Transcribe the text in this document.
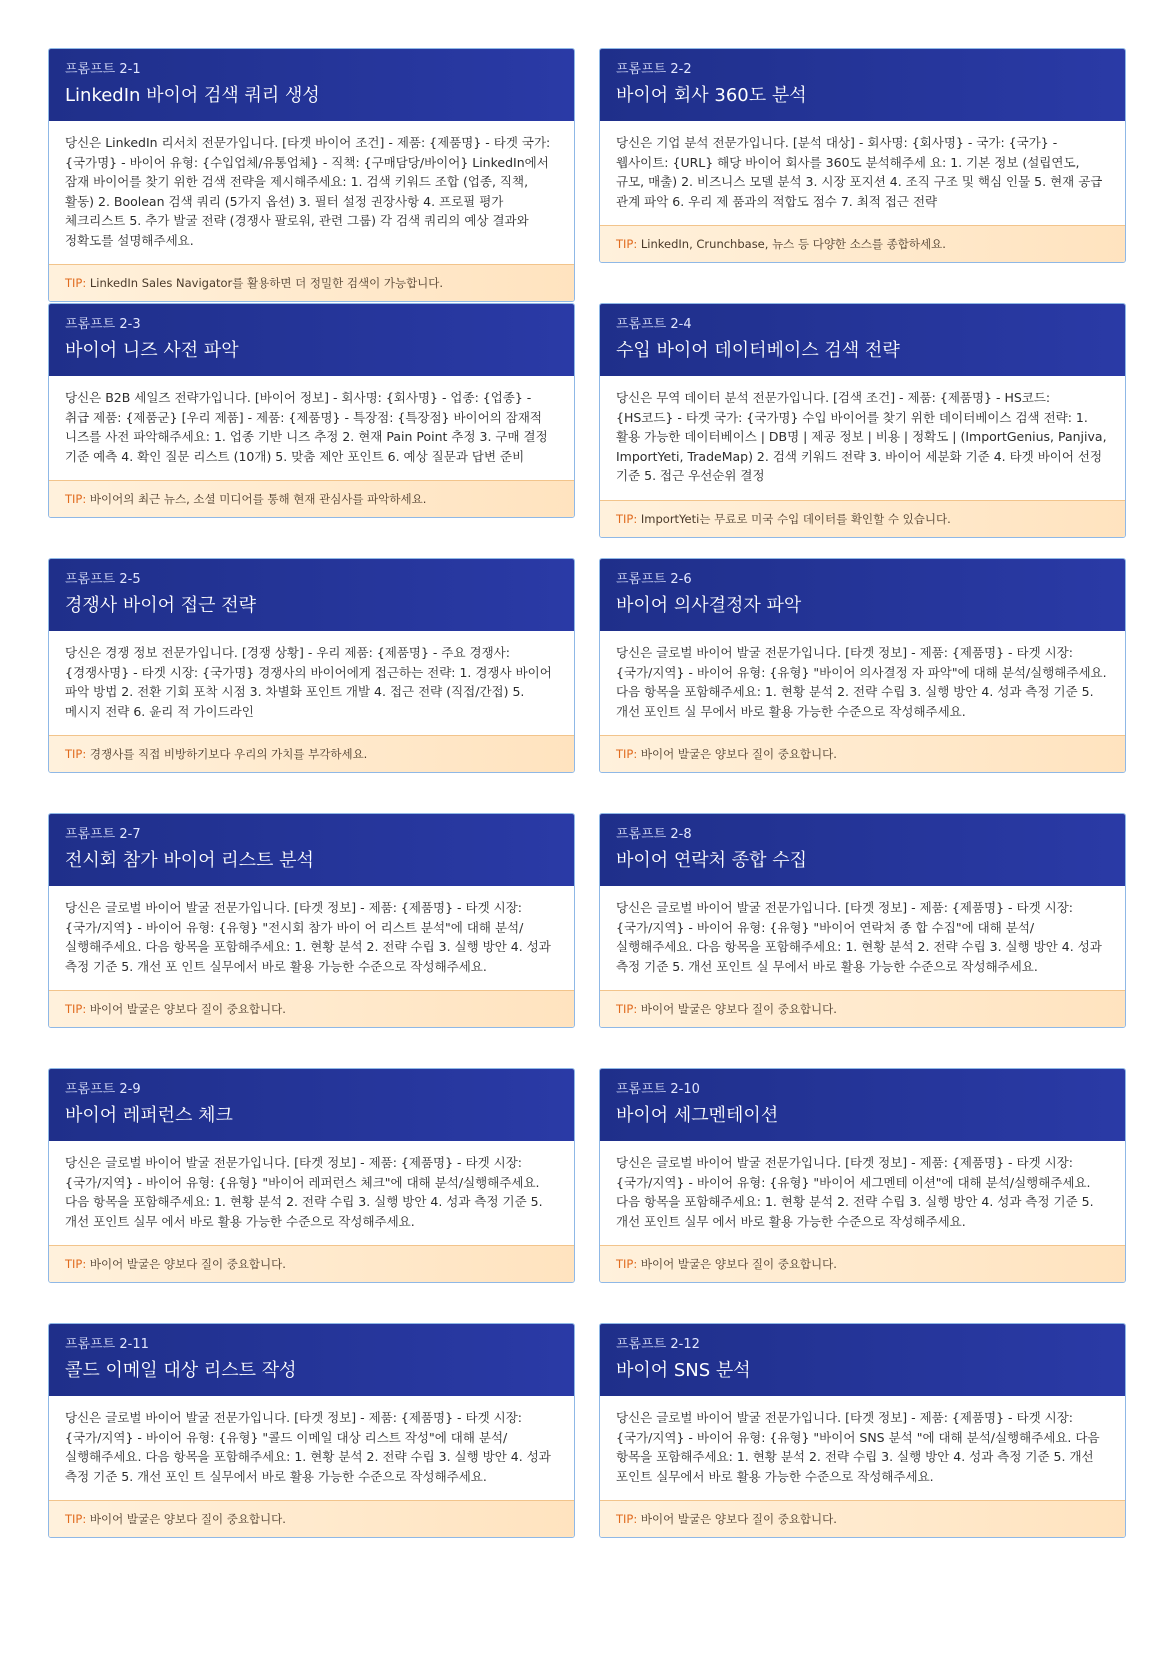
프롬프트 2-1
LinkedIn 바이어 검색 쿼리 생성
당신은 LinkedIn 리서치 전문가입니다. [타겟 바이어 조건] - 제품: {제품명} - 타겟 국가: {국가명} - 바이어 유형: {수입업체/유통업체} - 직책: {구매담당/바이어} LinkedIn에서 잠재 바이어를 찾기 위한 검색 전략을 제시해주세요: 1. 검색 키워드 조합 (업종, 직책, 활동) 2. Boolean 검색 쿼리 (5가지 옵션) 3. 필터 설정 권장사항 4. 프로필 평가 체크리스트 5. 추가 발굴 전략 (경쟁사 팔로워, 관련 그룹) 각 검색 쿼리의 예상 결과와 정확도를 설명해주세요.
TIP: LinkedIn Sales Navigator를 활용하면 더 정밀한 검색이 가능합니다.
프롬프트 2-2
바이어 회사 360도 분석
당신은 기업 분석 전문가입니다. [분석 대상] - 회사명: {회사명} - 국가: {국가} - 웹사이트: {URL} 해당 바이어 회사를 360도 분석해주세 요: 1. 기본 정보 (설립연도, 규모, 매출) 2. 비즈니스 모델 분석 3. 시장 포지션 4. 조직 구조 및 핵심 인물 5. 현재 공급 관계 파악 6. 우리 제 품과의 적합도 점수 7. 최적 접근 전략
TIP: LinkedIn, Crunchbase, 뉴스 등 다양한 소스를 종합하세요.
프롬프트 2-3
바이어 니즈 사전 파악
당신은 B2B 세일즈 전략가입니다. [바이어 정보] - 회사명: {회사명} - 업종: {업종} - 취급 제품: {제품군} [우리 제품] - 제품: {제품명} - 특장점: {특장점} 바이어의 잠재적 니즈를 사전 파악해주세요: 1. 업종 기반 니즈 추정 2. 현재 Pain Point 추정 3. 구매 결정 기준 예측 4. 확인 질문 리스트 (10개) 5. 맞춤 제안 포인트 6. 예상 질문과 답변 준비
TIP: 바이어의 최근 뉴스, 소셜 미디어를 통해 현재 관심사를 파악하세요.
프롬프트 2-4
수입 바이어 데이터베이스 검색 전략
당신은 무역 데이터 분석 전문가입니다. [검색 조건] - 제품: {제품명} - HS코드: {HS코드} - 타겟 국가: {국가명} 수입 바이어를 찾기 위한 데이터베이스 검색 전략: 1. 활용 가능한 데이터베이스 | DB명 | 제공 정보 | 비용 | 정확도 | (ImportGenius, Panjiva, ImportYeti, TradeMap) 2. 검색 키워드 전략 3. 바이어 세분화 기준 4. 타겟 바이어 선정 기준 5. 접근 우선순위 결정
TIP: ImportYeti는 무료로 미국 수입 데이터를 확인할 수 있습니다.
프롬프트 2-5
경쟁사 바이어 접근 전략
당신은 경쟁 정보 전문가입니다. [경쟁 상황] - 우리 제품: {제품명} - 주요 경쟁사: {경쟁사명} - 타겟 시장: {국가명} 경쟁사의 바이어에게 접근하는 전략: 1. 경쟁사 바이어 파악 방법 2. 전환 기회 포착 시점 3. 차별화 포인트 개발 4. 접근 전략 (직접/간접) 5. 메시지 전략 6. 윤리 적 가이드라인
TIP: 경쟁사를 직접 비방하기보다 우리의 가치를 부각하세요.
프롬프트 2-6
바이어 의사결정자 파악
당신은 글로벌 바이어 발굴 전문가입니다. [타겟 정보] - 제품: {제품명} - 타겟 시장: {국가/지역} - 바이어 유형: {유형} "바이어 의사결정 자 파악"에 대해 분석/실행해주세요. 다음 항목을 포함해주세요: 1. 현황 분석 2. 전략 수립 3. 실행 방안 4. 성과 측정 기준 5. 개선 포인트 실 무에서 바로 활용 가능한 수준으로 작성해주세요.
TIP: 바이어 발굴은 양보다 질이 중요합니다.
프롬프트 2-7
전시회 참가 바이어 리스트 분석
당신은 글로벌 바이어 발굴 전문가입니다. [타겟 정보] - 제품: {제품명} - 타겟 시장: {국가/지역} - 바이어 유형: {유형} "전시회 참가 바이 어 리스트 분석"에 대해 분석/실행해주세요. 다음 항목을 포함해주세요: 1. 현황 분석 2. 전략 수립 3. 실행 방안 4. 성과 측정 기준 5. 개선 포 인트 실무에서 바로 활용 가능한 수준으로 작성해주세요.
TIP: 바이어 발굴은 양보다 질이 중요합니다.
프롬프트 2-8
바이어 연락처 종합 수집
당신은 글로벌 바이어 발굴 전문가입니다. [타겟 정보] - 제품: {제품명} - 타겟 시장: {국가/지역} - 바이어 유형: {유형} "바이어 연락처 종 합 수집"에 대해 분석/실행해주세요. 다음 항목을 포함해주세요: 1. 현황 분석 2. 전략 수립 3. 실행 방안 4. 성과 측정 기준 5. 개선 포인트 실 무에서 바로 활용 가능한 수준으로 작성해주세요.
TIP: 바이어 발굴은 양보다 질이 중요합니다.
프롬프트 2-9
바이어 레퍼런스 체크
당신은 글로벌 바이어 발굴 전문가입니다. [타겟 정보] - 제품: {제품명} - 타겟 시장: {국가/지역} - 바이어 유형: {유형} "바이어 레퍼런스 체크"에 대해 분석/실행해주세요. 다음 항목을 포함해주세요: 1. 현황 분석 2. 전략 수립 3. 실행 방안 4. 성과 측정 기준 5. 개선 포인트 실무 에서 바로 활용 가능한 수준으로 작성해주세요.
TIP: 바이어 발굴은 양보다 질이 중요합니다.
프롬프트 2-10
바이어 세그멘테이션
당신은 글로벌 바이어 발굴 전문가입니다. [타겟 정보] - 제품: {제품명} - 타겟 시장: {국가/지역} - 바이어 유형: {유형} "바이어 세그멘테 이션"에 대해 분석/실행해주세요. 다음 항목을 포함해주세요: 1. 현황 분석 2. 전략 수립 3. 실행 방안 4. 성과 측정 기준 5. 개선 포인트 실무 에서 바로 활용 가능한 수준으로 작성해주세요.
TIP: 바이어 발굴은 양보다 질이 중요합니다.
프롬프트 2-11
콜드 이메일 대상 리스트 작성
당신은 글로벌 바이어 발굴 전문가입니다. [타겟 정보] - 제품: {제품명} - 타겟 시장: {국가/지역} - 바이어 유형: {유형} "콜드 이메일 대상 리스트 작성"에 대해 분석/실행해주세요. 다음 항목을 포함해주세요: 1. 현황 분석 2. 전략 수립 3. 실행 방안 4. 성과 측정 기준 5. 개선 포인 트 실무에서 바로 활용 가능한 수준으로 작성해주세요.
TIP: 바이어 발굴은 양보다 질이 중요합니다.
프롬프트 2-12
바이어 SNS 분석
당신은 글로벌 바이어 발굴 전문가입니다. [타겟 정보] - 제품: {제품명} - 타겟 시장: {국가/지역} - 바이어 유형: {유형} "바이어 SNS 분석 "에 대해 분석/실행해주세요. 다음 항목을 포함해주세요: 1. 현황 분석 2. 전략 수립 3. 실행 방안 4. 성과 측정 기준 5. 개선 포인트 실무에서 바로 활용 가능한 수준으로 작성해주세요.
TIP: 바이어 발굴은 양보다 질이 중요합니다.
